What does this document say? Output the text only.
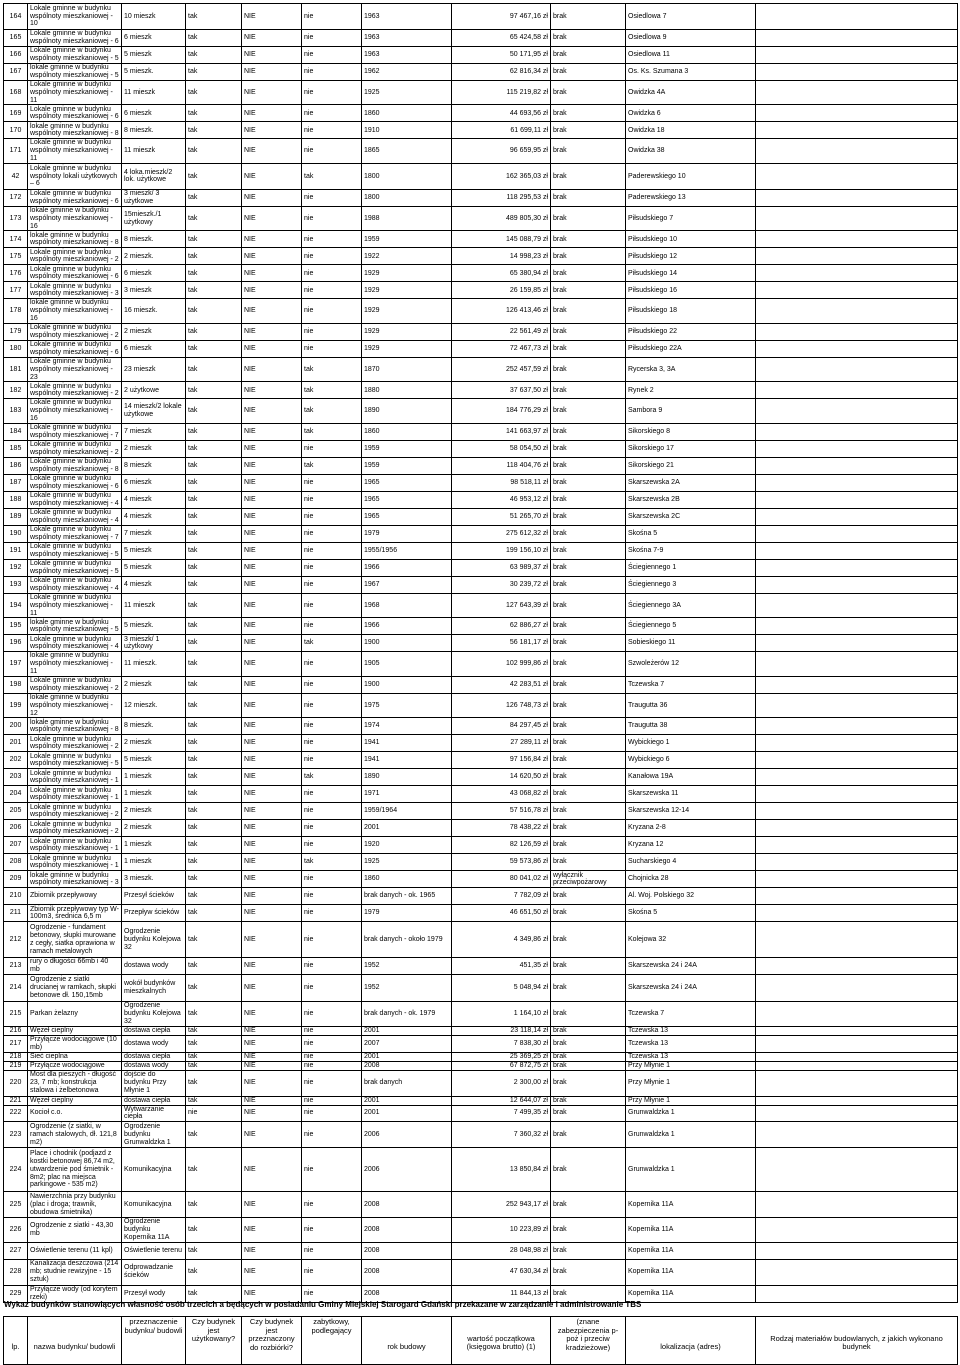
164	Lokale gminne w budynku wspólnoty mieszkaniowej - 10	10 mieszk	tak	NIE	nie	1963	97 467,16 zł	brak	Osiedlowa 7	
165	Lokale gminne w budynku wspólnoty mieszkaniowej - 6	6 mieszk	tak	NIE	nie	1963	65 424,58 zł	brak	Osiedlowa 9	
166	Lokale gminne w budynku wspólnoty mieszkaniowej - 5	5 mieszk	tak	NIE	nie	1963	50 171,95 zł	brak	Osiedlowa 11	
167	lokale gminne w budynku wspólnoty mieszkaniowej - 5	5 mieszk.	tak	NIE	nie	1962	62 816,34 zł	brak	Os. Ks. Szumana 3	
168	Lokale gminne w budynku wspólnoty mieszkaniowej - 11	11 mieszk	tak	NIE	nie	1925	115 219,82 zł	brak	Owidzka 4A	
169	Lokale gminne w budynku wspólnoty mieszkaniowej - 6	6 mieszk	tak	NIE	nie	1860	44 693,56 zł	brak	Owidzka 6	
170	lokale gminne w budynku wspólnoty mieszkaniowej - 8	8 mieszk.	tak	NIE	nie	1910	61 699,11 zł	brak	Owidzka 18	
171	Lokale gminne w budynku wspólnoty mieszkaniowej - 11	11 mieszk	tak	NIE	nie	1865	96 659,95 zł	brak	Owidzka 38	
42	Lokale gminne w budynku wspólnoty lokali użytkowych – 6	4 loka.mieszk/2 lok. użytkowe	tak	NIE	tak	1800	162 365,03 zł	brak	Paderewskiego 10	
172	Lokale gminne w budynku wspólnoty mieszkaniowej - 6	3 mieszk/ 3 użytkowe	tak	NIE	nie	1800	118 295,53 zł	brak	Paderewskiego 13	
173	lokale gminne w budynku wspólnoty mieszkaniowej - 16	15mieszk./1 użytkowy	tak	NIE	nie	1988	489 805,30 zł	brak	Piłsudskiego 7	
174	lokale gminne w budynku wspólnoty mieszkaniowej - 8	8 mieszk.	tak	NIE	nie	1959	145 088,79 zł	brak	Piłsudskiego 10	
175	Lokale gminne w budynku wspólnoty mieszkaniowej - 2	2 mieszk.	tak	NIE	nie	1922	14 998,23 zł	brak	Piłsudskiego 12	
176	Lokale gminne w budynku wspólnoty mieszkaniowej - 6	6 mieszk	tak	NIE	nie	1929	65 380,94 zł	brak	Piłsudskiego 14	
177	Lokale gminne w budynku wspólnoty mieszkaniowej - 3	3 mieszk	tak	NIE	nie	1929	26 159,85 zł	brak	Piłsudskiego 16	
178	lokale gminne w budynku wspólnoty mieszkaniowej - 16	16 mieszk.	tak	NIE	nie	1929	126 413,46 zł	brak	Piłsudskiego 18	
179	Lokale gminne w budynku wspólnoty mieszkaniowej - 2	2 mieszk	tak	NIE	nie	1929	22 561,49 zł	brak	Piłsudskiego 22	
180	Lokale gminne w budynku wspólnoty mieszkaniowej - 6	6 mieszk	tak	NIE	nie	1929	72 467,73 zł	brak	Piłsudskiego 22A	
181	Lokale gminne w budynku wspólnoty mieszkaniowej - 23	23 mieszk	tak	NIE	tak	1870	252 457,59 zł	brak	Rycerska 3, 3A	
182	Lokale gminne w budynku wspólnoty mieszkaniowej - 2	2 użytkowe	tak	NIE	tak	1880	37 637,50 zł	brak	Rynek 2	
183	Lokale gminne w budynku wspólnoty mieszkaniowej - 16	14 mieszk/2 lokale użytkowe	tak	NIE	tak	1890	184 776,29 zł	brak	Sambora 9	
184	Lokale gminne w budynku wspólnoty mieszkaniowej - 7	7 mieszk	tak	NIE	tak	1860	141 663,97 zł	brak	Sikorskiego 8	
185	Lokale gminne w budynku wspólnoty mieszkaniowej - 2	2 mieszk	tak	NIE	nie	1959	58 054,50 zł	brak	Sikorskiego 17	
186	Lokale gminne w budynku wspólnoty mieszkaniowej - 8	8 mieszk	tak	NIE	tak	1959	118 404,76 zł	brak	Sikorskiego 21	
187	Lokale gminne w budynku wspólnoty mieszkaniowej - 6	6 mieszk	tak	NIE	nie	1965	98 518,11 zł	brak	Skarszewska 2A	
188	Lokale gminne w budynku wspólnoty mieszkaniowej - 4	4 mieszk	tak	NIE	nie	1965	46 953,12 zł	brak	Skarszewska 2B	
189	Lokale gminne w budynku wspólnoty mieszkaniowej - 4	4 mieszk	tak	NIE	nie	1965	51 265,70 zł	brak	Skarszewska 2C	
190	Lokale gminne w budynku wspólnoty mieszkaniowej - 7	7 mieszk	tak	NIE	nie	1979	275 612,32 zł	brak	Skośna 5	
191	Lokale gminne w budynku wspólnoty mieszkaniowej - 5	5 mieszk	tak	NIE	nie	1955/1956	199 156,10 zł	brak	Skośna 7-9	
192	Lokale gminne w budynku wspólnoty mieszkaniowej - 5	5 mieszk	tak	NIE	nie	1966	63 989,37 zł	brak	Ściegiennego 1	
193	Lokale gminne w budynku wspólnoty mieszkaniowej - 4	4 mieszk	tak	NIE	nie	1967	30 239,72 zł	brak	Ściegiennego 3	
194	Lokale gminne w budynku wspólnoty mieszkaniowej - 11	11 mieszk	tak	NIE	nie	1968	127 643,39 zł	brak	Ściegiennego 3A	
195	lokale gminne w budynku wspólnoty mieszkaniowej - 5	5 mieszk.	tak	NIE	nie	1966	62 886,27 zł	brak	Ściegiennego 5	
196	Lokale gminne w budynku wspólnoty mieszkaniowej - 4	3 mieszk/ 1 użytkowy	tak	NIE	tak	1900	56 181,17 zł	brak	Sobieskiego 11	
197	lokale gminne w budynku wspólnoty mieszkaniowej - 11	11 mieszk.	tak	NIE	nie	1905	102 999,86 zł	brak	Szwoleżerów 12	
198	Lokale gminne w budynku wspólnoty mieszkaniowej - 2	2 mieszk	tak	NIE	nie	1900	42 283,51 zł	brak	Tczewska 7	
199	lokale gminne w budynku wspólnoty mieszkaniowej - 12	12 mieszk.	tak	NIE	nie	1975	126 748,73 zł	brak	Traugutta 36	
200	lokale gminne w budynku wspólnoty mieszkaniowej - 8	8 mieszk.	tak	NIE	nie	1974	84 297,45 zł	brak	Traugutta 38	
201	Lokale gminne w budynku wspólnoty mieszkaniowej - 2	2 mieszk	tak	NIE	nie	1941	27 289,11 zł	brak	Wybickiego 1	
202	Lokale gminne w budynku wspólnoty mieszkaniowej - 5	5 mieszk	tak	NIE	nie	1941	97 156,84 zł	brak	Wybickiego 6	
203	Lokale gminne w budynku wspólnoty mieszkaniowej - 1	1 mieszk	tak	NIE	tak	1890	14 620,50 zł	brak	Kanałowa 19A	
204	Lokale gminne w budynku wspólnoty mieszkaniowej - 1	1 mieszk	tak	NIE	nie	1971	43 068,82 zł	brak	Skarszewska 11	
205	Lokale gminne w budynku wspólnoty mieszkaniowej - 2	2 mieszk	tak	NIE	nie	1959/1964	57 516,78 zł	brak	Skarszewska 12-14	
206	Lokale gminne w budynku wspólnoty mieszkaniowej - 2	2 mieszk	tak	NIE	nie	2001	78 438,22 zł	brak	Kryzana 2-8	
207	Lokale gminne w budynku wspólnoty mieszkaniowej - 1	1 mieszk	tak	NIE	nie	1920	82 126,59 zł	brak	Kryzana 12	
208	Lokale gminne w budynku wspólnoty mieszkaniowej - 1	1 mieszk	tak	NIE	tak	1925	59 573,86 zł	brak	Sucharskiego 4	
209	lokale gminne w budynku wspólnoty mieszkaniowej - 3	3 mieszk.	tak	NIE	nie	1860	80 041,02 zł	wyłącznik przeciwpożarowy	Chojnicka 28	
210	Zbiornik przepływowy	Przesył ścieków	tak	NIE	nie	brak danych - ok. 1965	7 782,09 zł	brak	Al. Woj. Polskiego 32	
211	Zbiornik przepływowy typ W-100m3, średnica 6,5 m	Przepływ ścieków	tak	NIE	nie	1979	46 651,50 zł	brak	Skośna 5	
212	Ogrodzenie - fundament betonowy, słupki murowane z cegły, siatka oprawiona w ramach metalowych	Ogrodzenie budynku Kolejowa 32	tak	NIE	nie	brak danych - około 1979	4 349,86 zł	brak	Kolejowa 32	
213	rury o długości 66mb i 40 mb	dostawa wody	tak	NIE	nie	1952	451,35 zł	brak	Skarszewska 24 i 24A	
214	Ogrodzenie z siatki drucianej w ramkach, słupki betonowe dł. 150,15mb	wokół budynków mieszkalnych	tak	NIE	nie	1952	5 048,94 zł	brak	Skarszewska 24 i 24A	
215	Parkan żelazny	Ogrodzenie budynku Kolejowa 32	tak	NIE	nie	brak danych - ok. 1979	1 164,10 zł	brak	Tczewska 7	
216	Węzeł cieplny	dostawa ciepła	tak	NIE	nie	2001	23 118,14 zł	brak	Tczewska 13	
217	Przyłącze wodociągowe (10 mb)	dostawa wody	tak	NIE	nie	2007	7 838,30 zł	brak	Tczewska 13	
218	Sieć cieplna	dostawa ciepła	tak	NIE	nie	2001	25 369,25 zł	brak	Tczewska 13	
219	Przyłącze wodociągowe	dostawa wody	tak	NIE	nie	2008	67 872,75 zł	brak	Przy Młynie 1	
220	Most dla pieszych - długość 23, 7 mb; konstrukcja stalowa i żelbetonowa	dojście do budynku Przy Młynie 1	tak	NIE	nie	brak danych	2 300,00 zł	brak	Przy Młynie 1	
221	Węzeł cieplny	dostawa ciepła	tak	NIE	nie	2001	12 644,07 zł	brak	Przy Młynie 1	
222	Kocioł c.o.	Wytwarzanie ciepła	nie	NIE	nie	2001	7 499,35 zł	brak	Grunwaldzka 1	
223	Ogrodzenie (z siatki, w ramach stalowych, dł. 121,8 m2)	Ogrodzenie budynku Grunwaldzka 1	tak	NIE	nie	2006	7 360,32 zł	brak	Grunwaldzka 1	
224	Place i chodnik (podjazd z kostki betonowej 86,74 m2, utwardzenie pod śmietnik - 8m2; plac na miejsca parkingowe - 535 m2)	Komunikacyjna	tak	NIE	nie	2006	13 850,84 zł	brak	Grunwaldzka 1	
225	Nawierzchnia przy budynku (plac i droga; trawnik, obudowa śmietnika)	Komunikacyjna	tak	NIE	nie	2008	252 943,17 zł	brak	Kopernika 11A	
226	Ogrodzenie z siatki - 43,30 mb	Ogrodzenie budynku Kopernika 11A	tak	NIE	nie	2008	10 223,89 zł	brak	Kopernika 11A	
227	Oświetlenie terenu (11 kpl)	Oświetlenie terenu	tak	NIE	nie	2008	28 048,98 zł	brak	Kopernika 11A	
228	Kanalizacja deszczowa (214 mb; studnie rewizyjne - 15 sztuk)	Odprowadzanie ścieków	tak	NIE	nie	2008	47 630,34 zł	brak	Kopernika 11A	
229	Przyłącze wody (od korytem rzeki)	Przesył wody	tak	NIE	nie	2008	11 844,13 zł	brak	Kopernika 11A	
Wykaz budynków stanowiących własność osób trzecich a będących w posiadaniu Gminy Miejskiej Starogard Gdański przekazane w zarządzanie i administrowanie TBS
lp.	nazwa budynku/ budowli	przeznaczenie budynku/ budowli	Czy budynek jest użytkowany?	Czy budynek jest przeznaczony do rozbiórki?	zabytkowy, podlegający	rok budowy	wartość początkowa (księgowa brutto) (1)	(znane zabezpieczenia p-poż i przeciw kradzieżowe)	lokalizacja (adres)	Rodzaj materiałów budowlanych, z jakich wykonano budynek
